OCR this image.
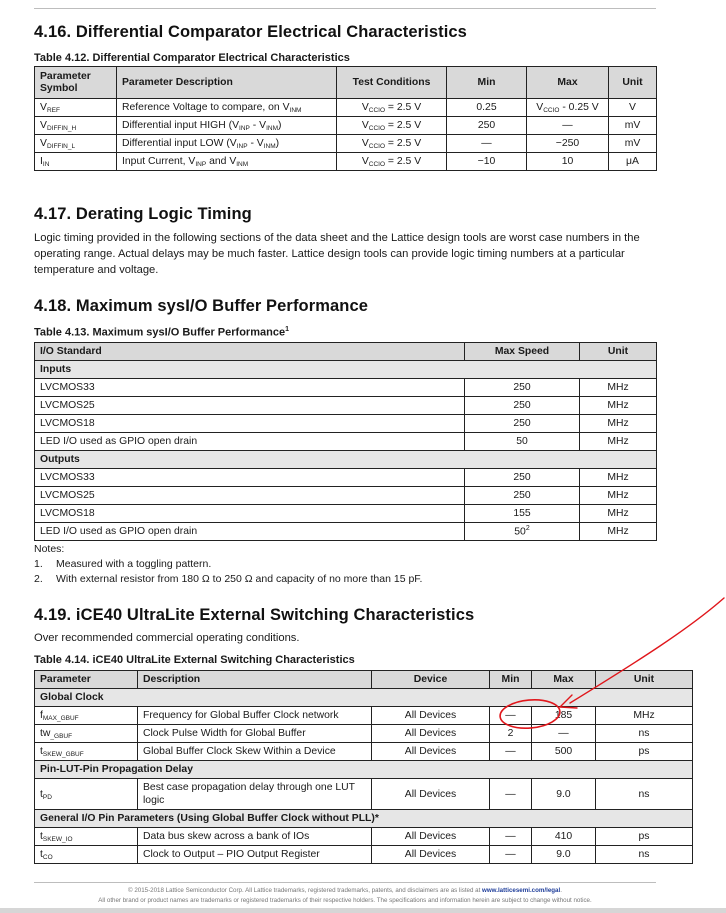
4.16. Differential Comparator Electrical Characteristics

Table 4.12. Differential Comparator Electrical Characteristics

Parameter Symbol	Parameter Description	Test Conditions	Min	Max	Unit
VREF	Reference Voltage to compare, on VINM	VCCIO = 2.5 V	0.25	VCCIO - 0.25 V	V
VDIFFIN_H	Differential input HIGH (VINP - VINM)	VCCIO = 2.5 V	250	—	mV
VDIFFIN_L	Differential input LOW (VINP - VINM)	VCCIO = 2.5 V	—	−250	mV
IIN	Input Current, VINP and VINM	VCCIO = 2.5 V	−10	10	μA
4.17. Derating Logic Timing

Logic timing provided in the following sections of the data sheet and the Lattice design tools are worst case numbers in the operating range. Actual delays may be much faster. Lattice design tools can provide logic timing numbers at a particular temperature and voltage.

4.18. Maximum sysI/O Buffer Performance

Table 4.13. Maximum sysI/O Buffer Performance$^1$

I/O Standard	Max Speed	Unit
Inputs		
LVCMOS33	250	MHz
LVCMOS25	250	MHz
LVCMOS18	250	MHz
LED I/O used as GPIO open drain	50	MHz
Outputs		
LVCMOS33	250	MHz
LVCMOS25	250	MHz
LVCMOS18	155	MHz
LED I/O used as GPIO open drain	$50^2$	MHz
Notes:
1.	Measured with a toggling pattern.
2.	With external resistor from 180 Ω to 250 Ω and capacity of no more than 15 pF.
4.19. iCE40 UltraLite External Switching Characteristics

Over recommended commercial operating conditions.

Table 4.14. iCE40 UltraLite External Switching Characteristics

Parameter	Description	Device	Min	Max	Unit
Global Clock					
fMAX_GBUF	Frequency for Global Buffer Clock network	All Devices	—	185	MHz
tw_GBUF	Clock Pulse Width for Global Buffer	All Devices	2	—	ns
tSKEW_GBUF	Global Buffer Clock Skew Within a Device	All Devices	—	500	ps
Pin-LUT-Pin Propagation Delay					
tPD	Best case propagation delay through one LUT logic	All Devices	—	9.0	ns
General I/O Pin Parameters (Using Global Buffer Clock without PLL)*					
tSKEW_IO	Data bus skew across a bank of IOs	All Devices	—	410	ps
tCO	Clock to Output – PIO Output Register	All Devices	—	9.0	ns
© 2015-2018 Lattice Semiconductor Corp. All Lattice trademarks, registered trademarks, patents, and disclaimers are as listed at www.latticesemi.com/legal.
All other brand or product names are trademarks or registered trademarks of their respective holders. The specifications and information herein are subject to change without notice.
